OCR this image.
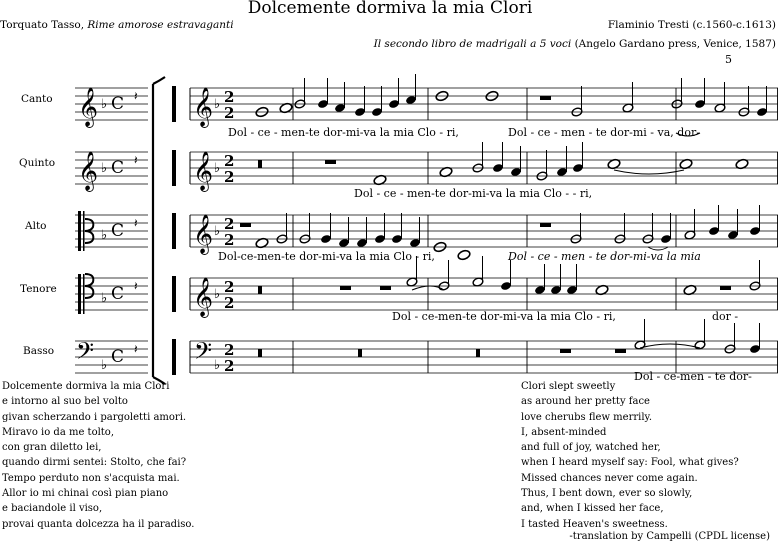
Dolcemente dormiva la mia Clori
Torquato Tasso, Rime amorose estravaganti	Flaminio Tresti (c.1560-c.1613)
Il secondo libro de madrigali a 5 voci (Angelo Gardano press, Venice, 1587)
𝄞 ♭ C 𝄽 𝄞 ♭ 2
2
𝄞 ♭ C 𝄽 𝄞 ♭ 2
2
♭ C 𝄽 𝄞 ♭ 2
2
♭ C 𝄽 𝄞 ♭ 2
2
𝄢 ♭ C 𝄽 𝄢 ♭
2
2
Canto
Quinto
Alto
Tenore
Basso
Dol - ce - men-te dor-mi-va la mia Clo - ri,	Dol - ce - men - te dor-mi - va, dor-
Dol - ce - men-te dor-mi-va la mia Clo - - ri,
Dol-ce-men-te dor-mi-va la mia Clo - ri,	Dol - ce - men - te dor-mi-va la mia
Dol - ce-men-te dor-mi-va la mia Clo - ri,	dor -
Dol - ce-men - te dor-
5
Dolcemente dormiva la mia Clori
e intorno al suo bel volto
givan scherzando i pargoletti amori.
Miravo io da me tolto,
con gran diletto lei,
quando dirmi sentei: Stolto, che fai?
Tempo perduto non s'acquista mai.
Allor io mi chinai così pian piano
e baciandole il viso,
provai quanta dolcezza ha il paradiso.
Clori slept sweetly
as around her pretty face
love cherubs flew merrily.
I, absent-minded
and full of joy, watched her,
when I heard myself say: Fool, what gives?
Missed chances never come again.
Thus, I bent down, ever so slowly,
and, when I kissed her face,
I tasted Heaven's sweetness.
-translation by Campelli (CPDL license)
